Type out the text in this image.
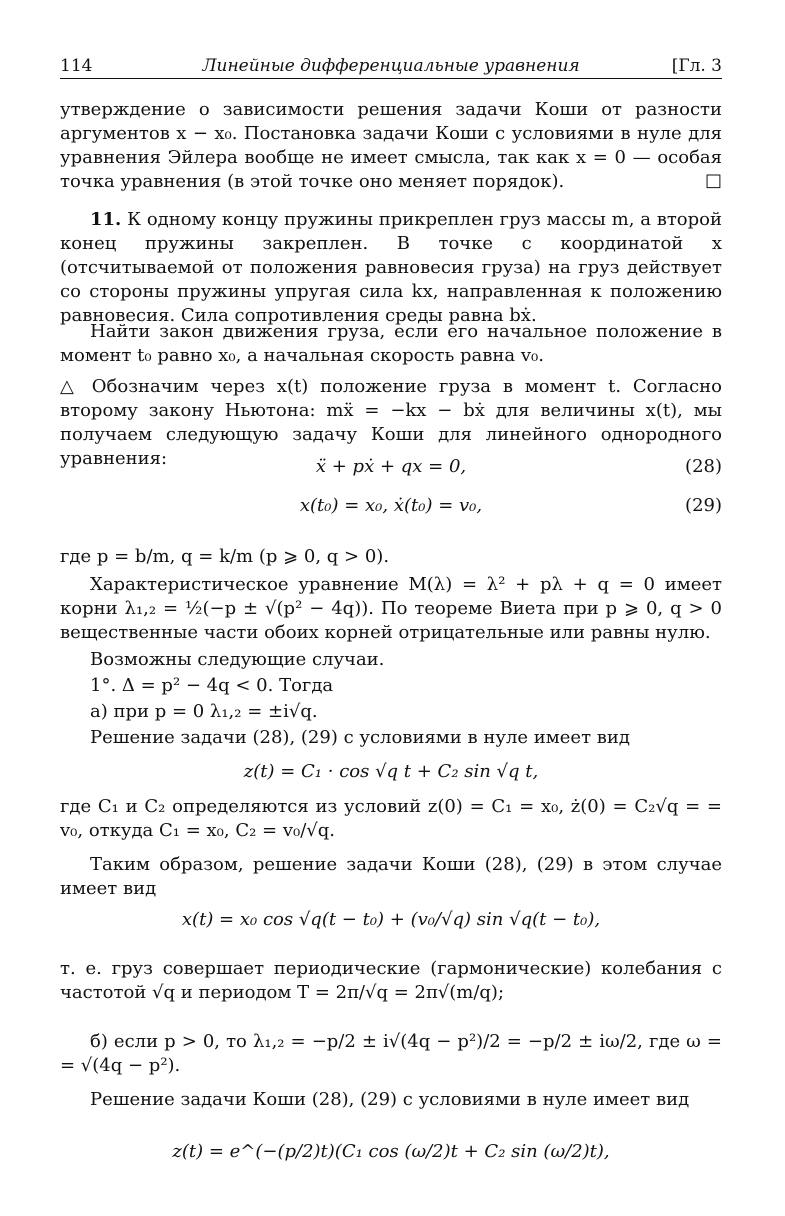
114	Линейные дифференциальные уравнения	[Гл. 3
утверждение о зависимости решения задачи Коши от разности аргументов x − x₀. Постановка задачи Коши с условиями в нуле для уравнения Эйлера вообще не имеет смысла, так как x = 0 — особая точка уравнения (в этой точке оно меняет порядок).	□
11. К одному концу пружины прикреплен груз массы m, а второй конец пружины закреплен. В точке с координатой x (отсчитываемой от положения равновесия груза) на груз действует со стороны пружины упругая сила kx, направленная к положению равновесия. Сила сопротивления среды равна bẋ.
Найти закон движения груза, если его начальное положение в момент t₀ равно x₀, а начальная скорость равна v₀.
△ Обозначим через x(t) положение груза в момент t. Согласно второму закону Ньютона: mẍ = −kx − bẋ для величины x(t), мы получаем следующую задачу Коши для линейного однородного уравнения:	ẍ + pẋ + qx = 0,	(28)
x(t₀) = x₀, ẋ(t₀) = v₀,	(29)
где p = b/m, q = k/m (p ⩾ 0, q > 0).
Характеристическое уравнение M(λ) = λ² + pλ + q = 0 имеет корни λ₁,₂ = ½(−p ± √(p² − 4q)). По теореме Виета при p ⩾ 0, q > 0 вещественные части обоих корней отрицательные или равны нулю.
Возможны следующие случаи.
1°. Δ = p² − 4q < 0. Тогда
а) при p = 0 λ₁,₂ = ±i√q.
Решение задачи (28), (29) с условиями в нуле имеет вид
z(t) = C₁ · cos √q t + C₂ sin √q t,
где C₁ и C₂ определяются из условий z(0) = C₁ = x₀, ż(0) = C₂√q = = v₀, откуда C₁ = x₀, C₂ = v₀/√q.
Таким образом, решение задачи Коши (28), (29) в этом случае имеет вид
x(t) = x₀ cos √q(t − t₀) + (v₀/√q) sin √q(t − t₀),
т. е. груз совершает периодические (гармонические) колебания с частотой √q и периодом T = 2π/√q = 2π√(m/q);
б) если p > 0, то λ₁,₂ = −p/2 ± i√(4q − p²)/2 = −p/2 ± iω/2, где ω = = √(4q − p²).
Решение задачи Коши (28), (29) с условиями в нуле имеет вид
z(t) = e^(−(p/2)t)(C₁ cos (ω/2)t + C₂ sin (ω/2)t),
